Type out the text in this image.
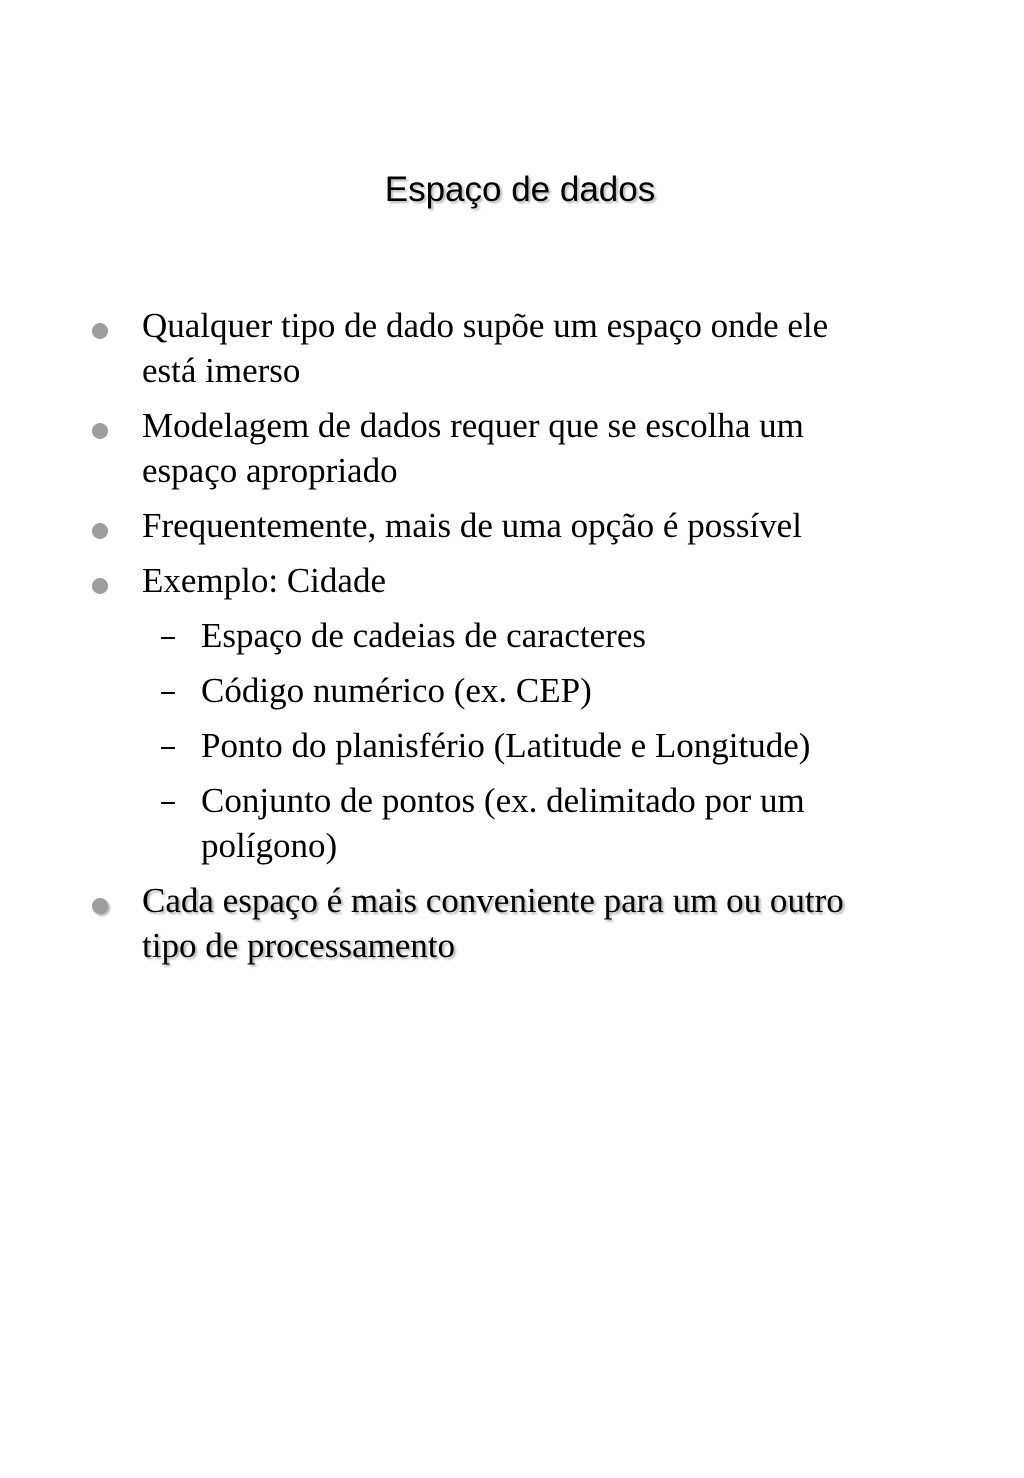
Espaço de dados
Qualquer tipo de dado supõe um espaço onde ele
está imerso
Modelagem de dados requer que se escolha um
espaço apropriado
Frequentemente, mais de uma opção é possível
Exemplo: Cidade
Espaço de cadeias de caracteres
Código numérico (ex. CEP)
Ponto do planisfério (Latitude e Longitude)
Conjunto de pontos (ex. delimitado por um
polígono)
Cada espaço é mais conveniente para um ou outro
tipo de processamento
